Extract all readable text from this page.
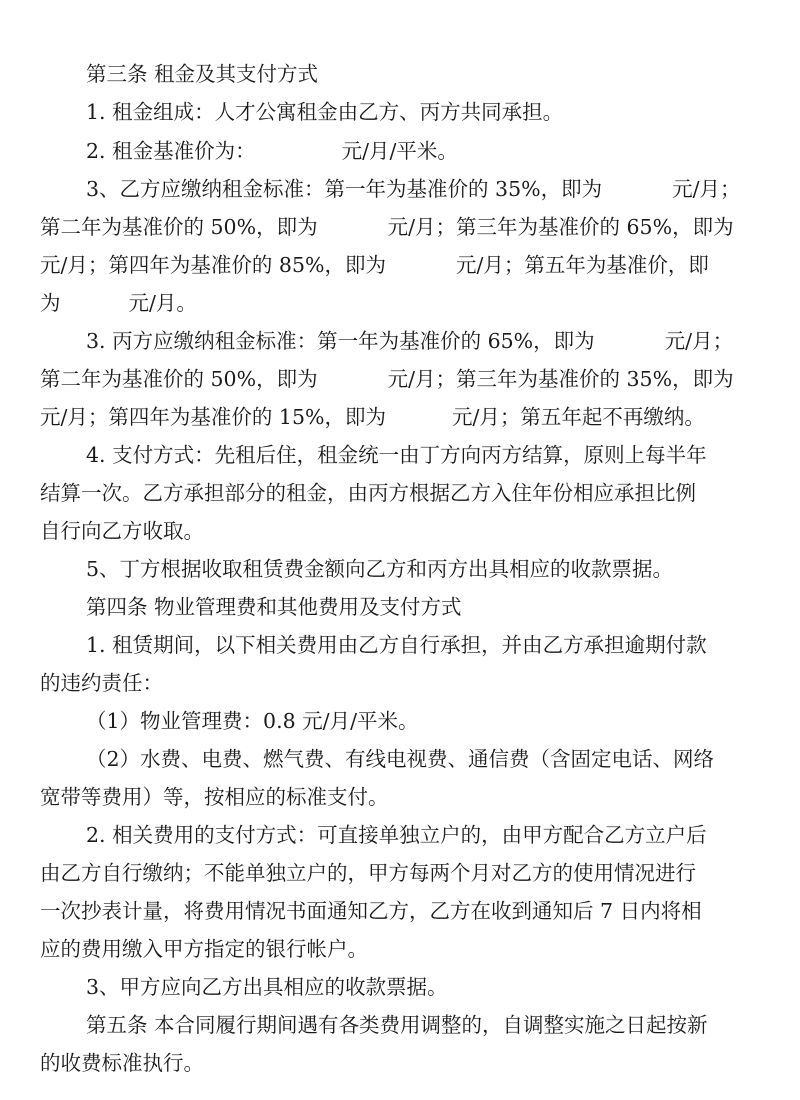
第三条 租金及其支付方式
1. 租金组成：人才公寓租金由乙方、丙方共同承担。
2. 租金基准价为：	元/月/平米。
3、乙方应缴纳租金标准：第一年为基准价的 35%，即为	元/月；
第二年为基准价的 50%，即为	元/月；第三年为基准价的 65%，即为
元/月；第四年为基准价的 85%，即为	元/月；第五年为基准价，即
为	元/月。
3. 丙方应缴纳租金标准：第一年为基准价的 65%，即为	元/月；
第二年为基准价的 50%，即为	元/月；第三年为基准价的 35%，即为
元/月；第四年为基准价的 15%，即为	元/月；第五年起不再缴纳。
4. 支付方式：先租后住，租金统一由丁方向丙方结算，原则上每半年
结算一次。乙方承担部分的租金，由丙方根据乙方入住年份相应承担比例
自行向乙方收取。
5、丁方根据收取租赁费金额向乙方和丙方出具相应的收款票据。
第四条 物业管理费和其他费用及支付方式
1. 租赁期间，以下相关费用由乙方自行承担，并由乙方承担逾期付款
的违约责任：
（1）物业管理费：0.8 元/月/平米。
（2）水费、电费、燃气费、有线电视费、通信费（含固定电话、网络
宽带等费用）等，按相应的标准支付。
2. 相关费用的支付方式：可直接单独立户的，由甲方配合乙方立户后
由乙方自行缴纳；不能单独立户的，甲方每两个月对乙方的使用情况进行
一次抄表计量，将费用情况书面通知乙方，乙方在收到通知后 7 日内将相
应的费用缴入甲方指定的银行帐户。
3、甲方应向乙方出具相应的收款票据。
第五条 本合同履行期间遇有各类费用调整的，自调整实施之日起按新
的收费标准执行。
